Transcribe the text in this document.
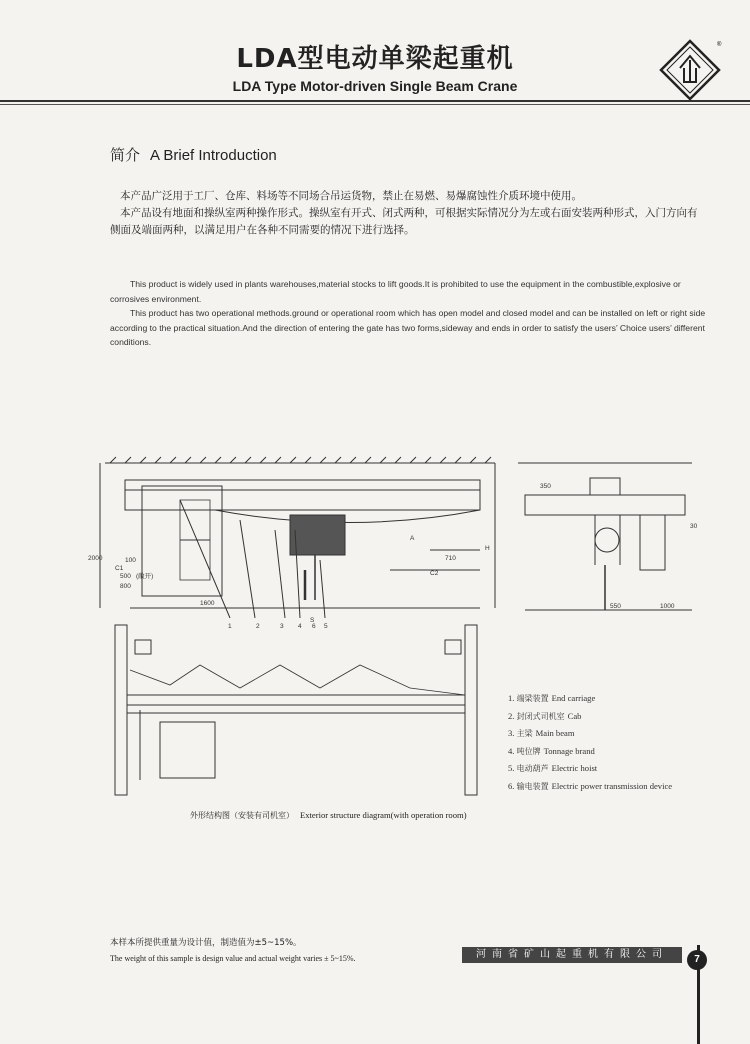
LDA型电动单梁起重机
LDA Type Motor-driven Single Beam Crane
®
简介 A Brief Introduction
本产品广泛用于工厂、仓库、料场等不同场合吊运货物，禁止在易燃、易爆腐蚀性介质环境中使用。
本产品设有地面和操纵室两种操作形式。操纵室有开式、闭式两种，可根据实际情况分为左或右面安装两种形式，入门方向有侧面及端面两种，以满足用户在各种不同需要的情况下进行选择。
This product is widely used in plants warehouses,material stocks to lift goods.It is prohibited to use the equipment in the combustible,explosive or corrosives environment.
This product has two operational methods.ground or operational room which has open model and closed model and can be installed on left or right side according to the practical situation.And the direction of entering the gate has two forms,sideway and ends in order to satisfy the users’ Choice users’ different conditions.
1600
100
500
800
C1
(敞开)
2000	710
C2
A
S
H
1	2	3 4	5
6
350
550	1000
30
1. 端梁装置 End carriage
2. 封闭式司机室 Cab
3. 主梁 Main beam
4. 吨位牌 Tonnage brand
5. 电动葫芦 Electric hoist
6. 输电装置 Electric power transmission device
外形结构图（安装有司机室） Exterior structure diagram(with operation room)
本样本所提供重量为设计值，制造值为±5~15%。
The weight of this sample is design value and actual weight varies ± 5~15%.	河南省矿山起重机有限公司	7
